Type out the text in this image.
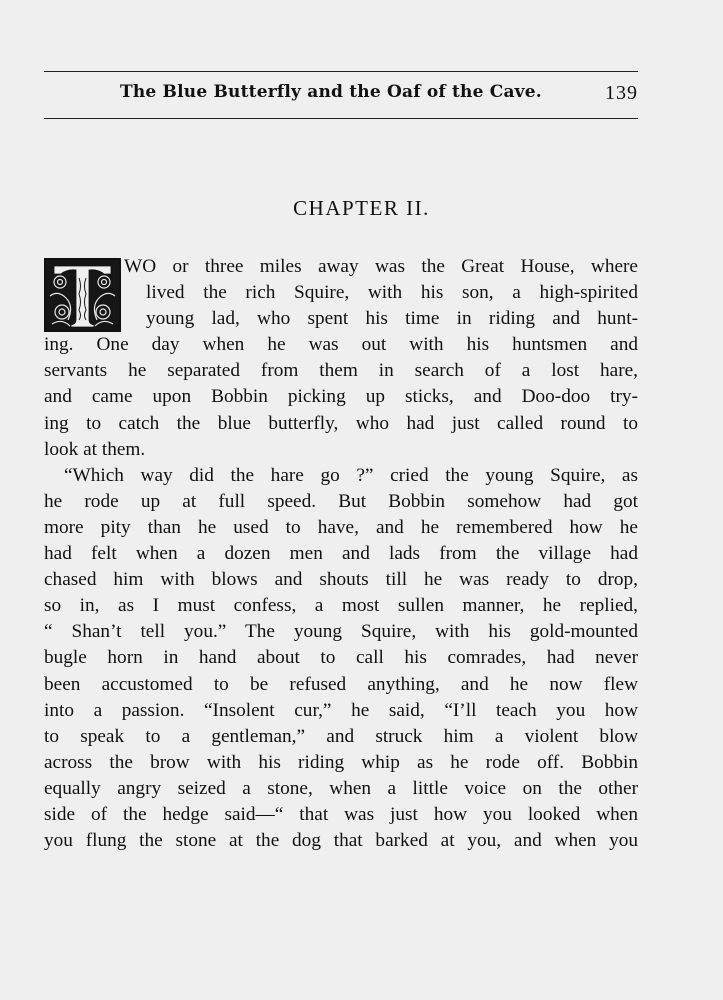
The Blue Butterfly and the Oaf of the Cave.	139
CHAPTER II.
WO or three miles away was the Great House, where
lived the rich Squire, with his son, a high-spirited
young lad, who spent his time in riding and hunt-
ing. One day when he was out with his huntsmen and
servants he separated from them in search of a lost hare,
and came upon Bobbin picking up sticks, and Doo-doo try-
ing to catch the blue butterfly, who had just called round to
look at them.
“Which way did the hare go ?” cried the young Squire, as
he rode up at full speed. But Bobbin somehow had got
more pity than he used to have, and he remembered how he
had felt when a dozen men and lads from the village had
chased him with blows and shouts till he was ready to drop,
so in, as I must confess, a most sullen manner, he replied,
“ Shan’t tell you.” The young Squire, with his gold-mounted
bugle horn in hand about to call his comrades, had never
been accustomed to be refused anything, and he now flew
into a passion. “Insolent cur,” he said, “I’ll teach you how
to speak to a gentleman,” and struck him a violent blow
across the brow with his riding whip as he rode off. Bobbin
equally angry seized a stone, when a little voice on the other
side of the hedge said—“ that was just how you looked when
you flung the stone at the dog that barked at you, and when you
